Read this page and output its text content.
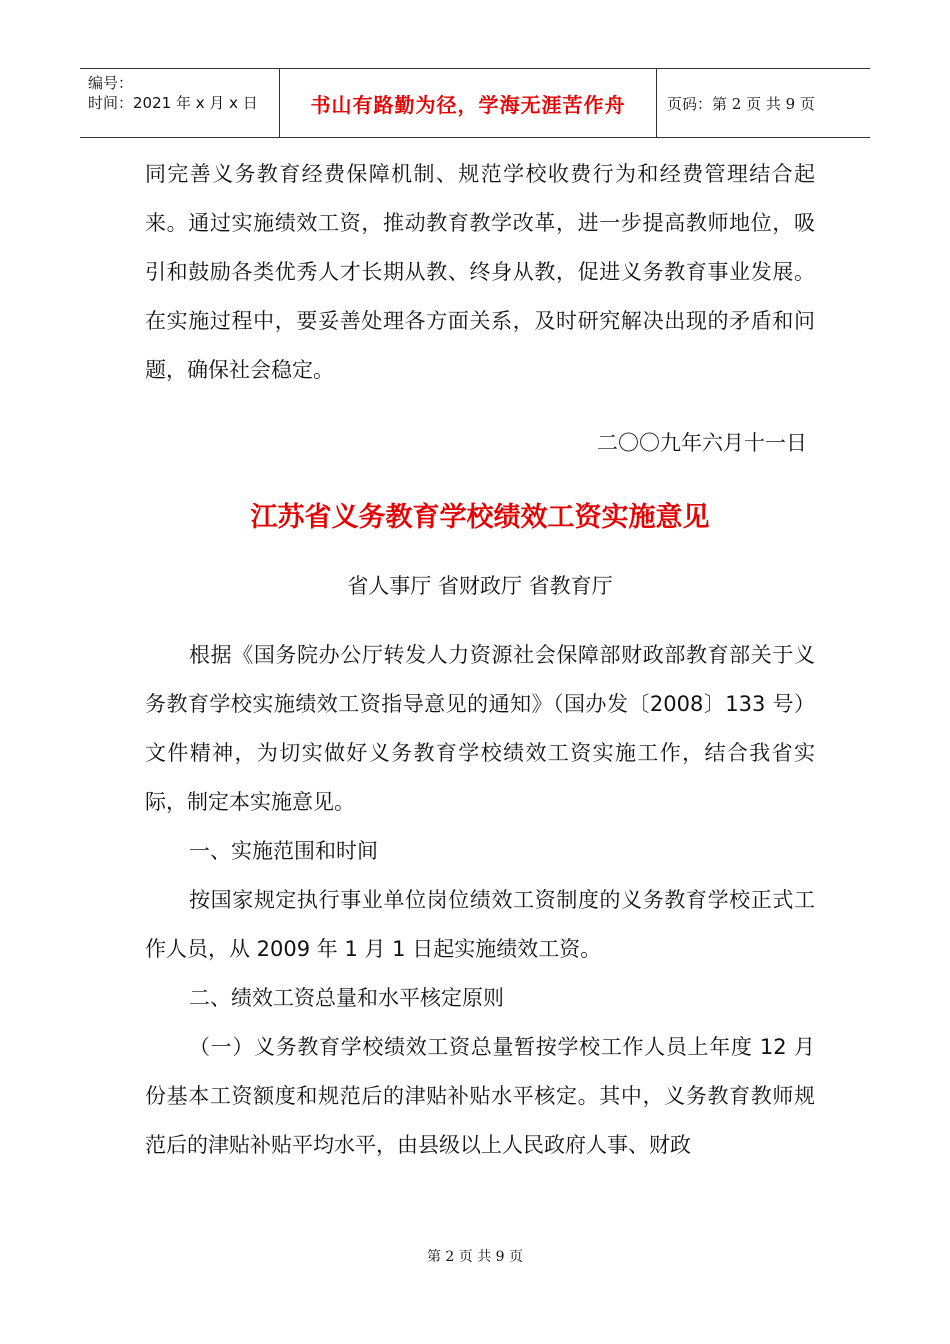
编号：
时间：2021 年 x 月 x 日	书山有路勤为径，学海无涯苦作舟	页码：第 2 页 共 9 页

同完善义务教育经费保障机制、规范学校收费行为和经费管理结合起来。通过实施绩效工资，推动教育教学改革，进一步提高教师地位，吸引和鼓励各类优秀人才长期从教、终身从教，促进义务教育事业发展。在实施过程中，要妥善处理各方面关系，及时研究解决出现的矛盾和问题，确保社会稳定。

二〇〇九年六月十一日
江苏省义务教育学校绩效工资实施意见
省人事厅 省财政厅 省教育厅

根据《国务院办公厅转发人力资源社会保障部财政部教育部关于义务教育学校实施绩效工资指导意见的通知》（国办发〔2008〕133 号）文件精神，为切实做好义务教育学校绩效工资实施工作，结合我省实际，制定本实施意见。

一、实施范围和时间

按国家规定执行事业单位岗位绩效工资制度的义务教育学校正式工作人员，从 2009 年 1 月 1 日起实施绩效工资。

二、绩效工资总量和水平核定原则

（一）义务教育学校绩效工资总量暂按学校工作人员上年度 12 月份基本工资额度和规范后的津贴补贴水平核定。其中，义务教育教师规范后的津贴补贴平均水平，由县级以上人民政府人事、财政

第 2 页 共 9 页
